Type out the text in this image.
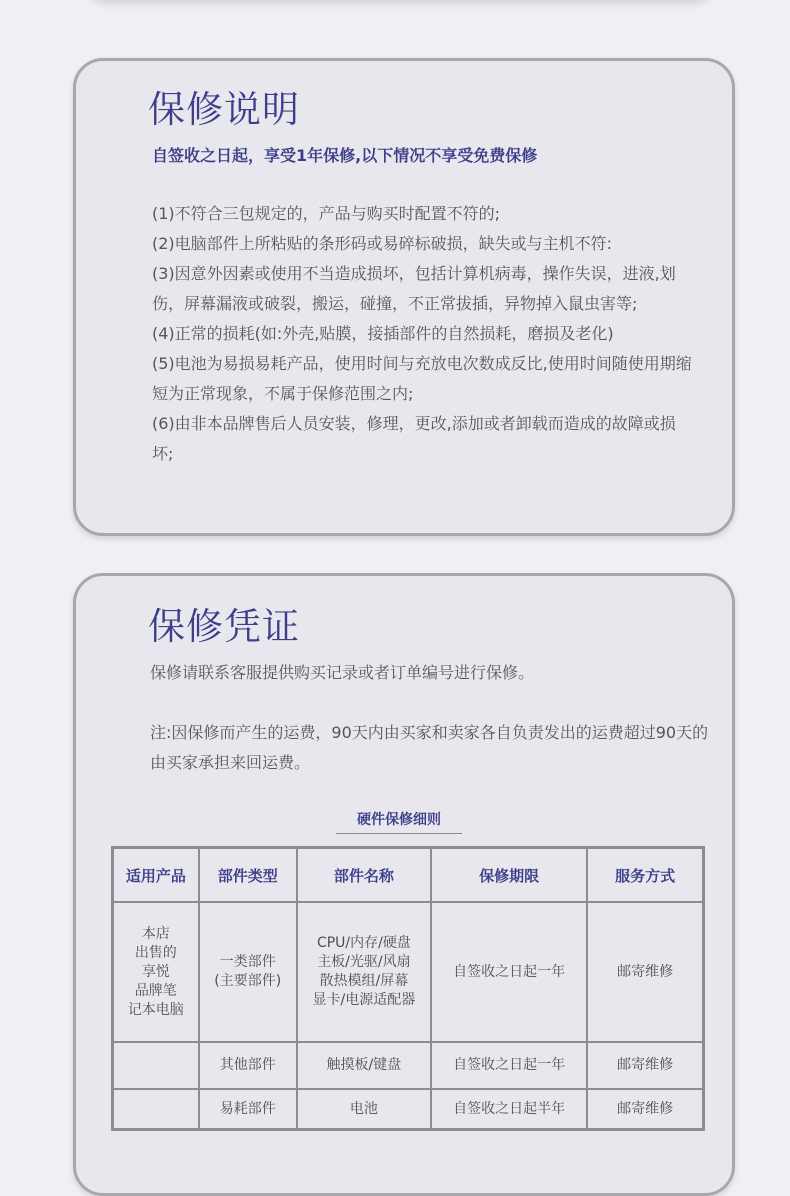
保修说明

自签收之日起，享受1年保修,以下情况不享受免费保修

(1)不符合三包规定的，产品与购买时配置不符的;
(2)电脑部件上所粘贴的条形码或易碎标破损，缺失或与主机不符:
(3)因意外因素或使用不当造成损坏，包括计算机病毒，操作失误，进液,划伤，屏幕漏液或破裂，搬运，碰撞，不正常拔插，异物掉入鼠虫害等;
(4)正常的损耗(如:外壳,贴膜，接插部件的自然损耗，磨损及老化)
(5)电池为易损易耗产品，使用时间与充放电次数成反比,使用时间随使用期缩短为正常现象，不属于保修范围之内;
(6)由非本品牌售后人员安装，修理，更改,添加或者卸载而造成的故障或损坏;
保修凭证

保修请联系客服提供购买记录或者订单编号进行保修。

注:因保修而产生的运费，90天内由买家和卖家各自负责发出的运费超过90天的由买家承担来回运费。

硬件保修细则
适用产品	部件类型	部件名称	保修期限	服务方式
本店
出售的
享悦
品牌笔
记本电脑	一类部件
(主要部件)	CPU/内存/硬盘
主板/光驱/风扇
散热模组/屏幕
显卡/电源适配器	自签收之日起一年	邮寄维修
	其他部件	触摸板/键盘	自签收之日起一年	邮寄维修
	易耗部件	电池	自签收之日起半年	邮寄维修
